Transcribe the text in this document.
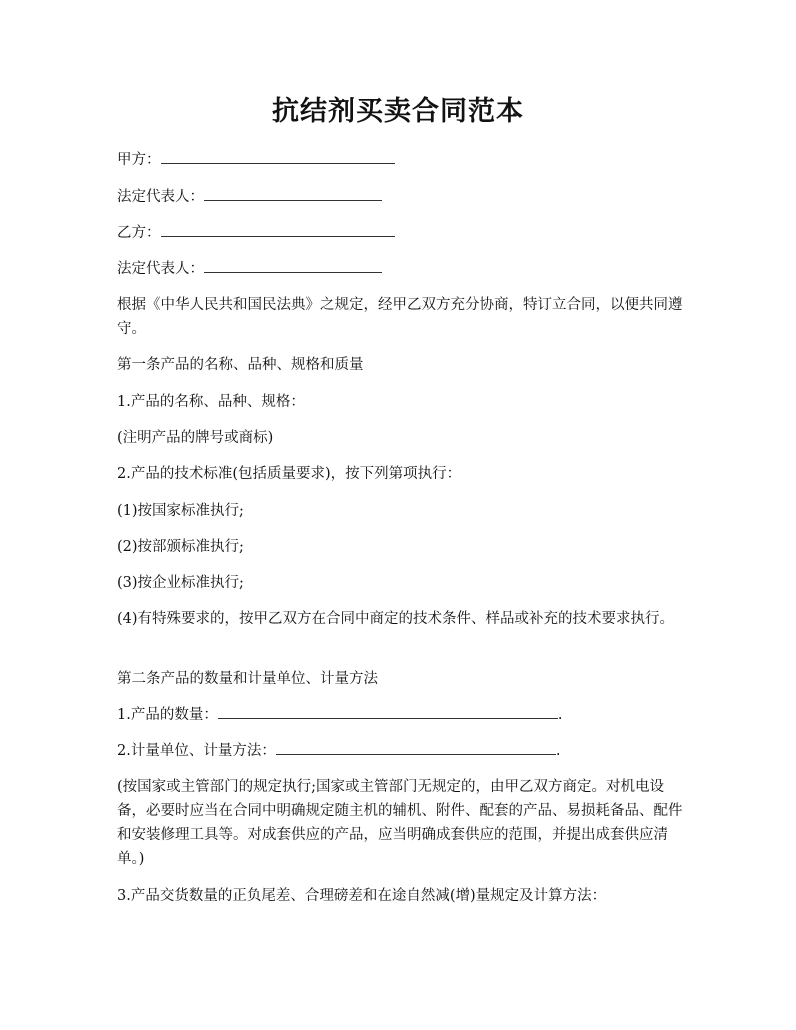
抗结剂买卖合同范本
甲方：
法定代表人：
乙方：
法定代表人：
根据《中华人民共和国民法典》之规定，经甲乙双方充分协商，特订立合同，以便共同遵守。
第一条产品的名称、品种、规格和质量
1.产品的名称、品种、规格：
(注明产品的牌号或商标)
2.产品的技术标准(包括质量要求)，按下列第项执行：
(1)按国家标准执行;
(2)按部颁标准执行;
(3)按企业标准执行;
(4)有特殊要求的，按甲乙双方在合同中商定的技术条件、样品或补充的技术要求执行。
第二条产品的数量和计量单位、计量方法
1.产品的数量：	.
2.计量单位、计量方法：	.
(按国家或主管部门的规定执行;国家或主管部门无规定的，由甲乙双方商定。对机电设备，必要时应当在合同中明确规定随主机的辅机、附件、配套的产品、易损耗备品、配件和安装修理工具等。对成套供应的产品，应当明确成套供应的范围，并提出成套供应清单。)
3.产品交货数量的正负尾差、合理磅差和在途自然减(增)量规定及计算方法：
